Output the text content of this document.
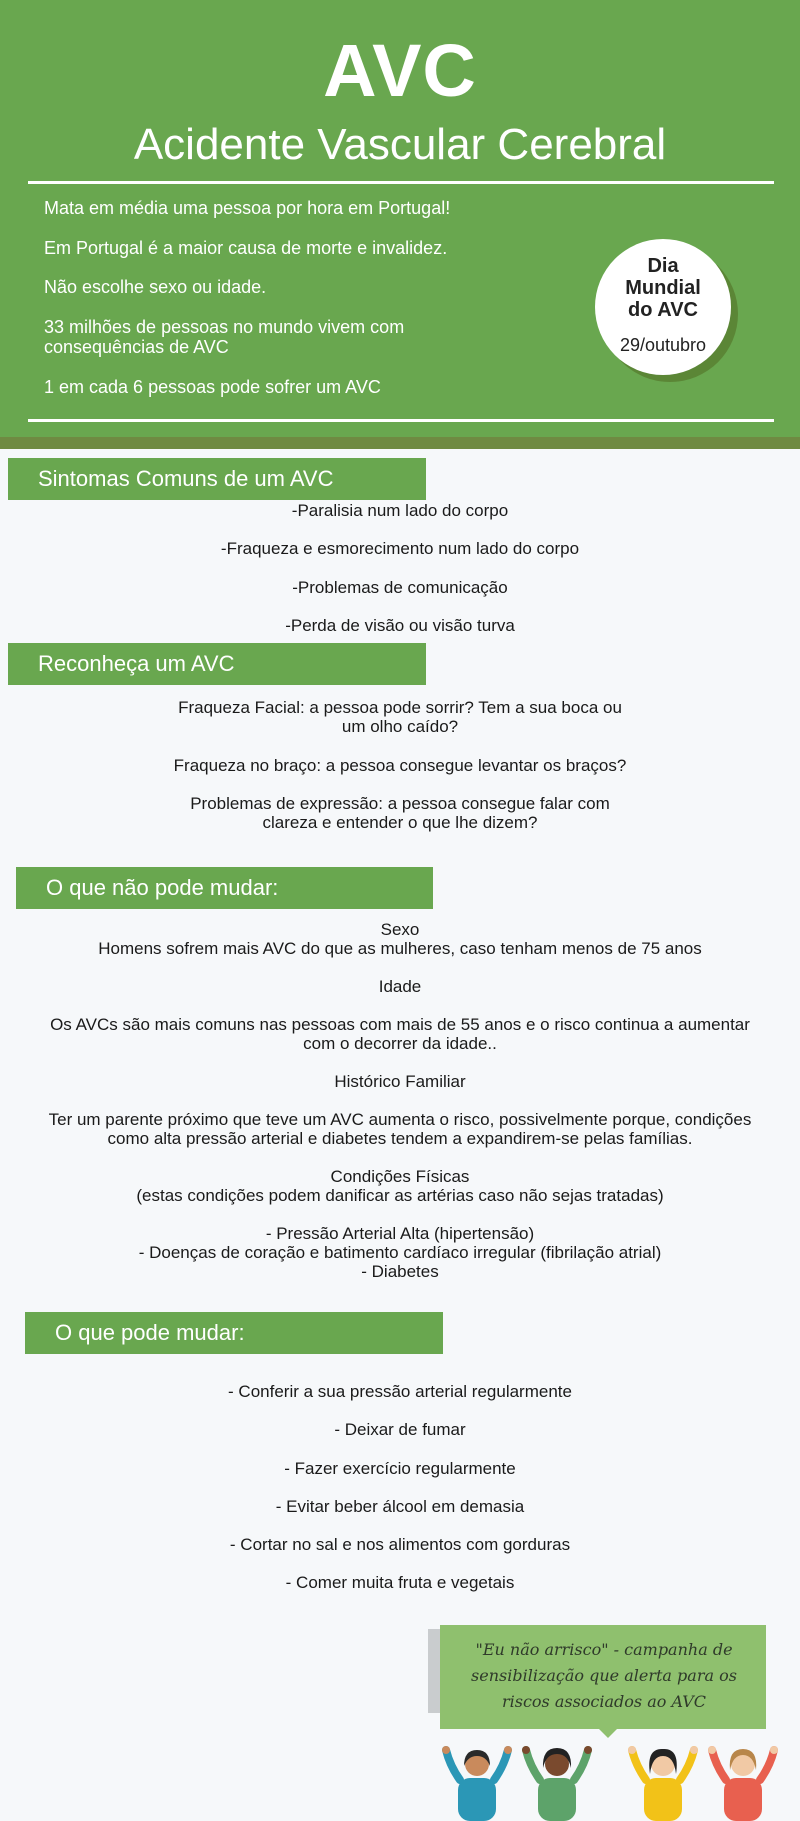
AVC
Acidente Vascular Cerebral
Mata em média uma pessoa por hora em Portugal!
Em Portugal é a maior causa de morte e invalidez.
Não escolhe sexo ou idade.
33 milhões de pessoas no mundo vivem com consequências de AVC
1 em cada 6 pessoas pode sofrer um AVC
Dia
Mundial
do AVC
29/outubro
Sintomas Comuns de um AVC
-Paralisia num lado do corpo
-Fraqueza e esmorecimento num lado do corpo
-Problemas de comunicação
-Perda de visão ou visão turva
Reconheça um AVC
Fraqueza Facial: a pessoa pode sorrir? Tem a sua boca ou
um olho caído?
Fraqueza no braço: a pessoa consegue levantar os braços?
Problemas de expressão: a pessoa consegue falar com
clareza e entender o que lhe dizem?
O que não pode mudar:
Sexo
Homens sofrem mais AVC do que as mulheres, caso tenham menos de 75 anos
Idade
Os AVCs são mais comuns nas pessoas com mais de 55 anos e o risco continua a aumentar
com o decorrer da idade..
Histórico Familiar
Ter um parente próximo que teve um AVC aumenta o risco, possivelmente porque, condições
como alta pressão arterial e diabetes tendem a expandirem-se pelas famílias.
Condições Físicas
(estas condições podem danificar as artérias caso não sejas tratadas)
- Pressão Arterial Alta (hipertensão)
- Doenças de coração e batimento cardíaco irregular (fibrilação atrial)
- Diabetes
O que pode mudar:
- Conferir a sua pressão arterial regularmente
- Deixar de fumar
- Fazer exercício regularmente
- Evitar beber álcool em demasia
- Cortar no sal e nos alimentos com gorduras
- Comer muita fruta e vegetais
"Eu não arrisco" - campanha de sensibilização que alerta para os riscos associados ao AVC
